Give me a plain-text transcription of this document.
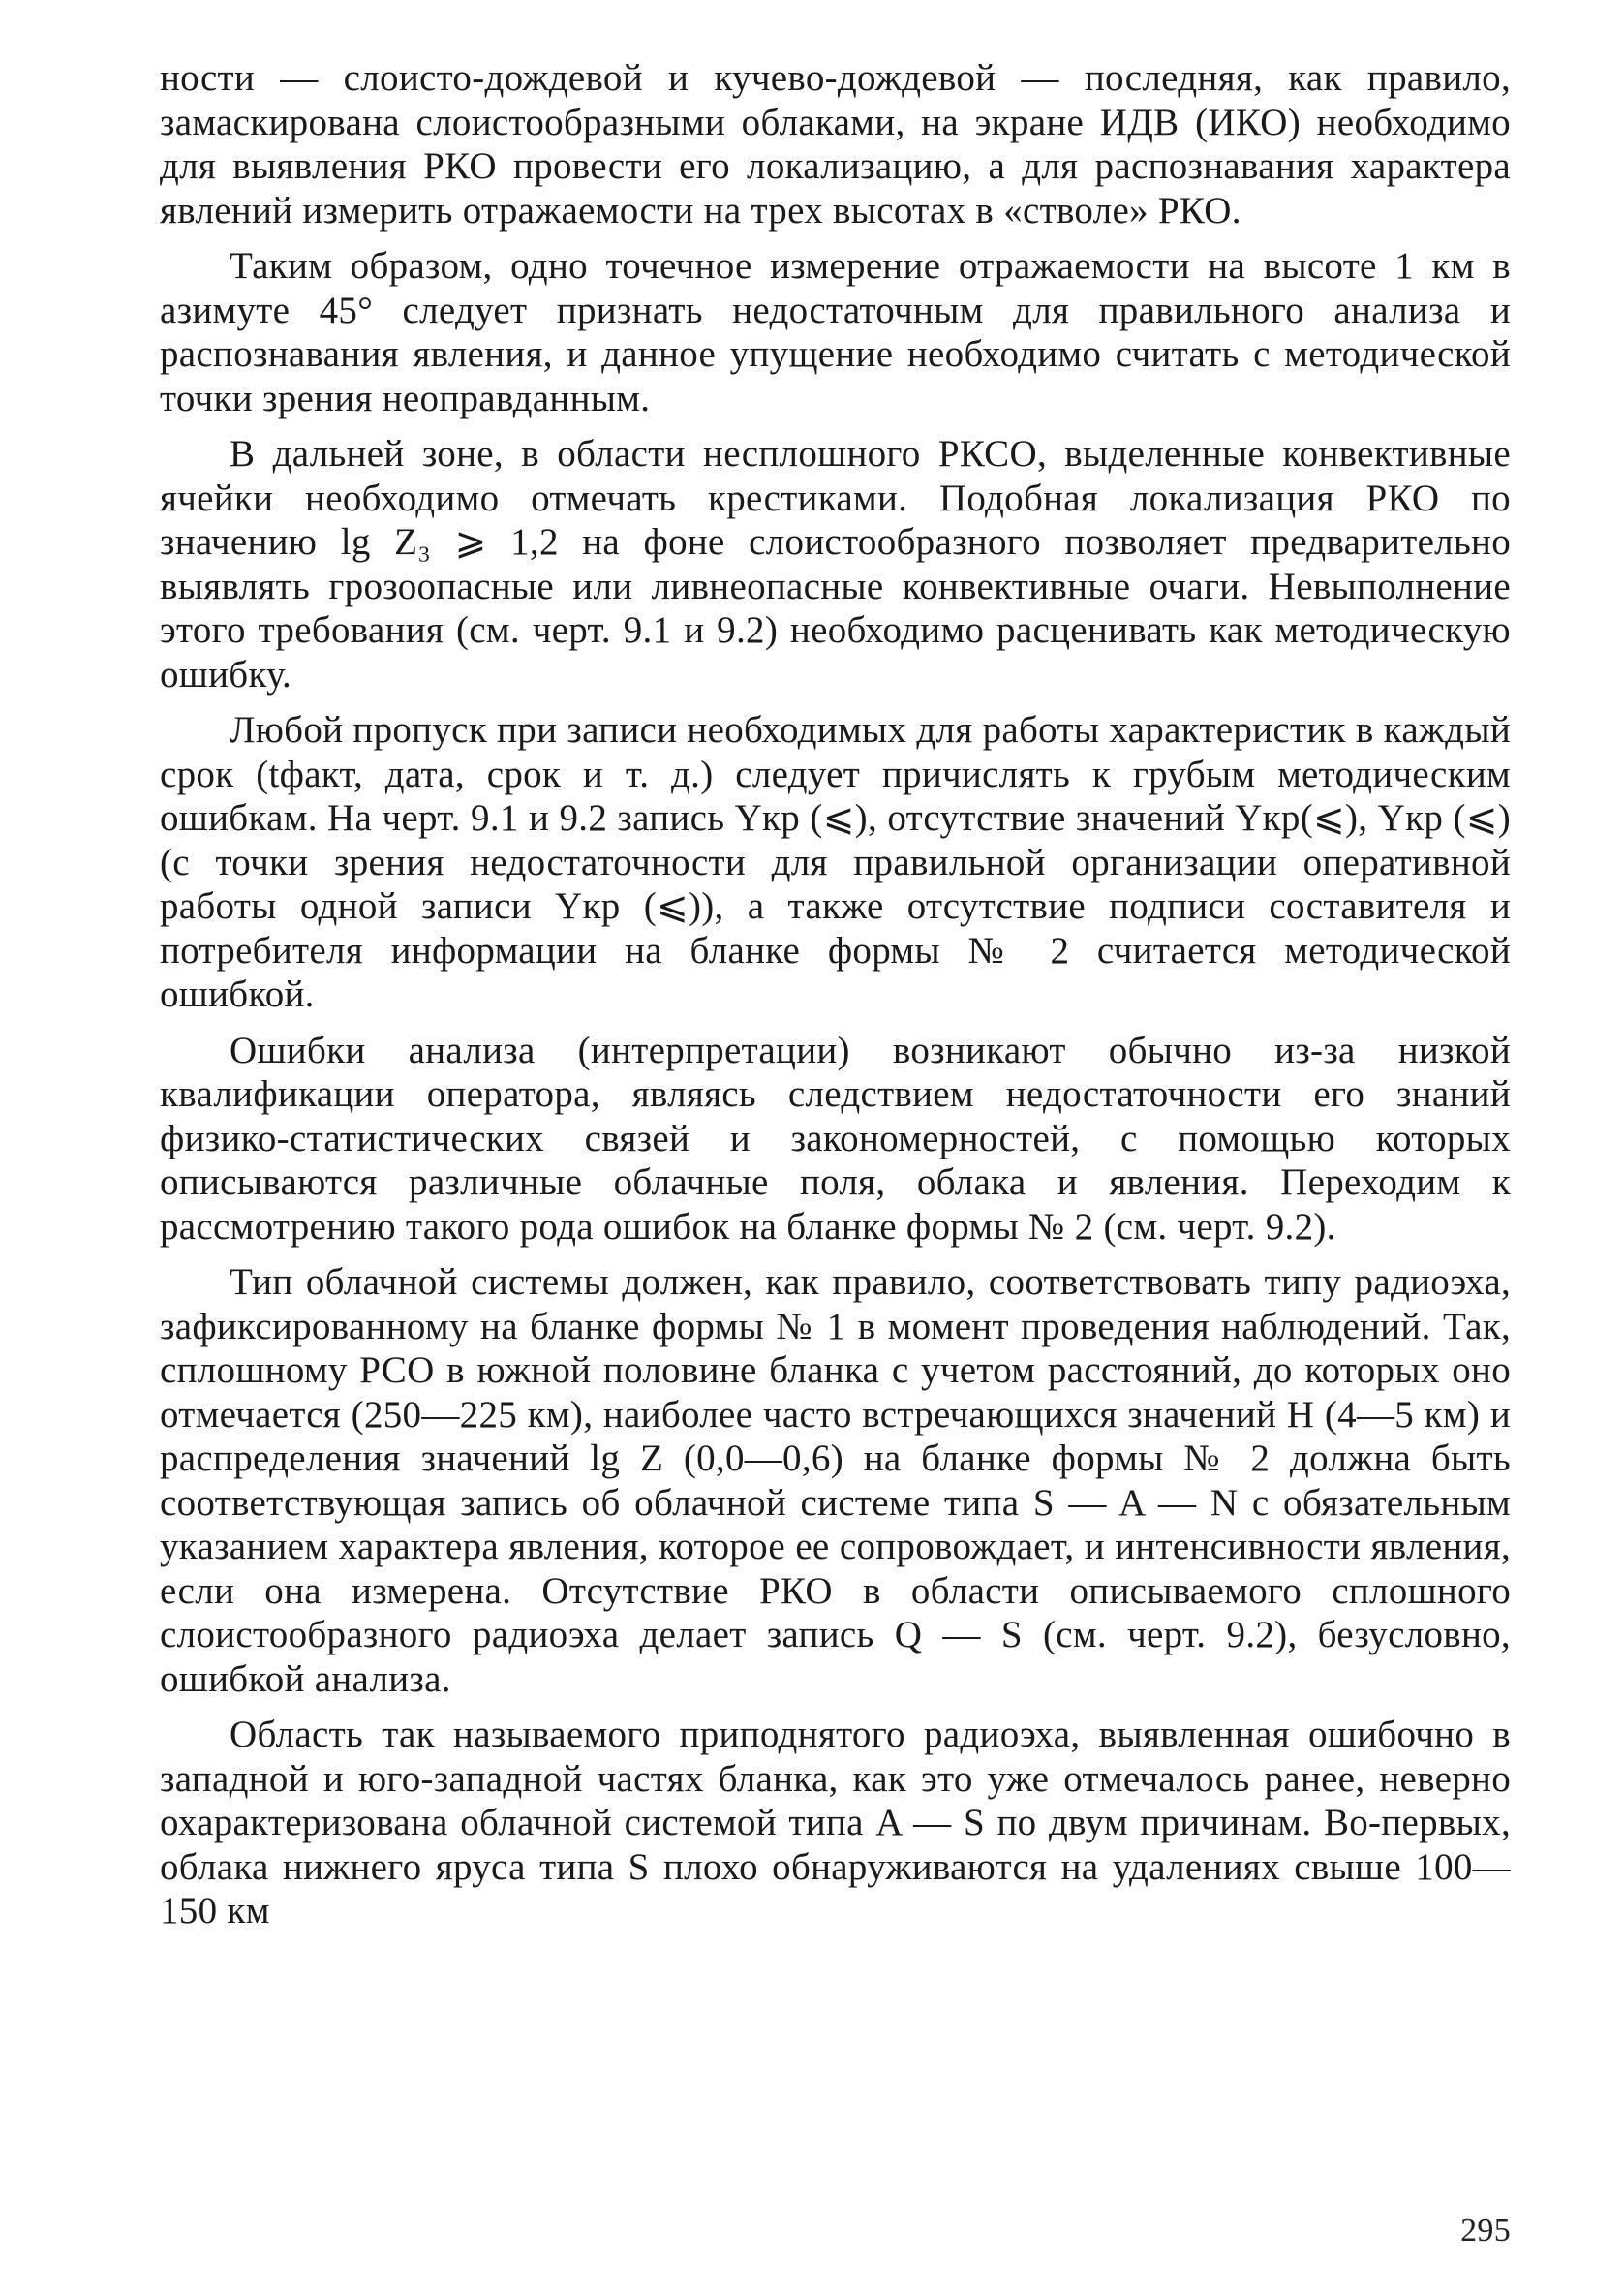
ности — слоисто-дождевой и кучево-дождевой — последняя, как правило, замаскирована слоистообразными облаками, на экране ИДВ (ИКО) необходимо для выявления РКО провести его локализацию, а для распознавания характера явлений измерить отражаемости на трех высотах в «стволе» РКО.

Таким образом, одно точечное измерение отражаемости на высоте 1 км в азимуте 45° следует признать недостаточным для правильного анализа и распознавания явления, и данное упущение необходимо считать с методической точки зрения неоправданным.

В дальней зоне, в области несплошного РКСО, выделенные конвективные ячейки необходимо отмечать крестиками. Подобная локализация РКО по значению lg Z₃ ⩾ 1,2 на фоне слоистообразного позволяет предварительно выявлять грозоопасные или ливнеопасные конвективные очаги. Невыполнение этого требования (см. черт. 9.1 и 9.2) необходимо расценивать как методическую ошибку.

Любой пропуск при записи необходимых для работы характеристик в каждый срок (tфакт, дата, срок и т. д.) следует причислять к грубым методическим ошибкам. На черт. 9.1 и 9.2 запись Yкр (⩽), отсутствие значений Yкр(⩽), Yкр (⩽) (с точки зрения недостаточности для правильной организации оперативной работы одной записи Yкр (⩽)), а также отсутствие подписи составителя и потребителя информации на бланке формы № 2 считается методической ошибкой.

Ошибки анализа (интерпретации) возникают обычно из-за низкой квалификации оператора, являясь следствием недостаточности его знаний физико-статистических связей и закономерностей, с помощью которых описываются различные облачные поля, облака и явления. Переходим к рассмотрению такого рода ошибок на бланке формы № 2 (см. черт. 9.2).

Тип облачной системы должен, как правило, соответствовать типу радиоэха, зафиксированному на бланке формы № 1 в момент проведения наблюдений. Так, сплошному РСО в южной половине бланка с учетом расстояний, до которых оно отмечается (250—225 км), наиболее часто встречающихся значений H (4—5 км) и распределения значений lg Z (0,0—0,6) на бланке формы № 2 должна быть соответствующая запись об облачной системе типа S — A — N с обязательным указанием характера явления, которое ее сопровождает, и интенсивности явления, если она измерена. Отсутствие РКО в области описываемого сплошного слоистообразного радиоэха делает запись Q — S (см. черт. 9.2), безусловно, ошибкой анализа.

Область так называемого приподнятого радиоэха, выявленная ошибочно в западной и юго-западной частях бланка, как это уже отмечалось ранее, неверно охарактеризована облачной системой типа A — S по двум причинам. Во-первых, облака нижнего яруса типа S плохо обнаруживаются на удалениях свыше 100—150 км

295
